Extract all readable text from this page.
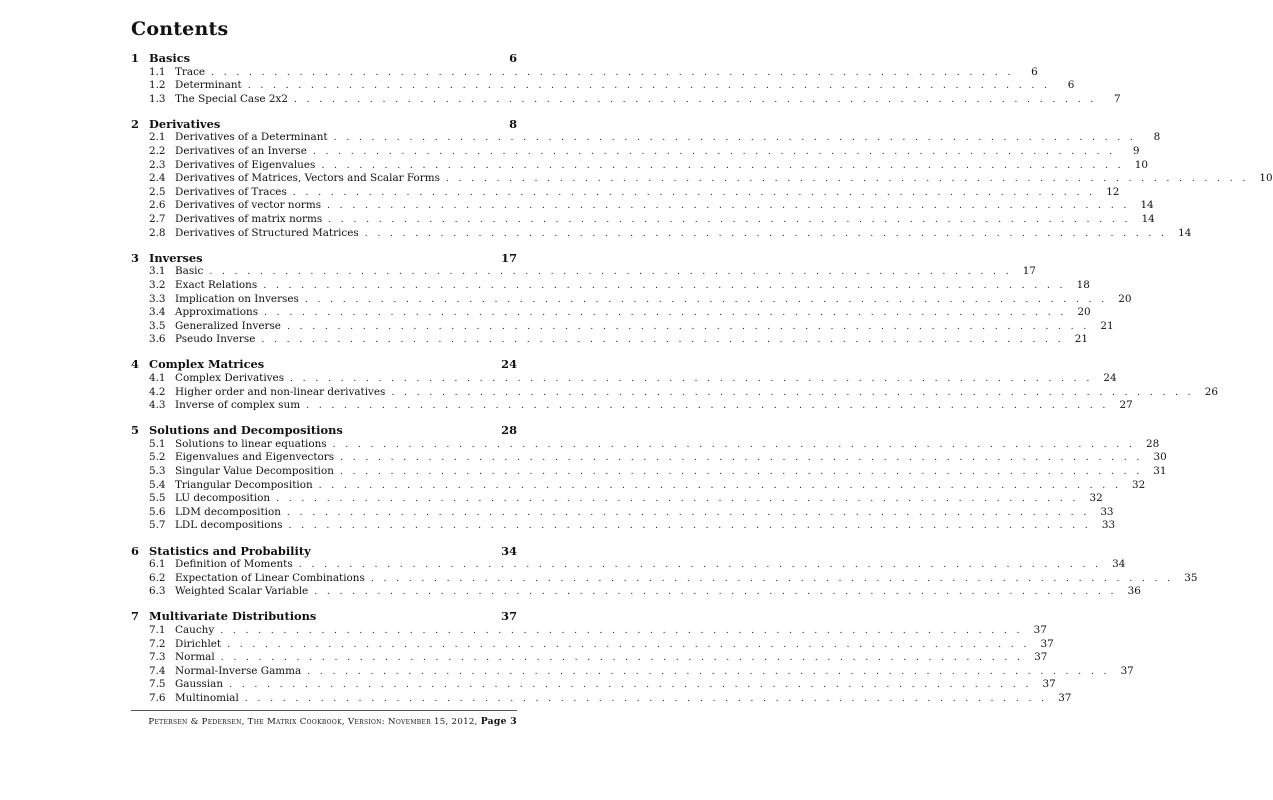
Contents
1 Basics	6
1.1 Trace . . . . . . . . . . . . . . . . . . . . . . . . . . . . . . . . . . . . . . . . . . . . . . . . . . . . . . . . . . . . . . . .	6
1.2 Determinant . . . . . . . . . . . . . . . . . . . . . . . . . . . . . . . . . . . . . . . . . . . . . . . . . . . . . . . . . . . . . . . .	6
1.3 The Special Case 2x2 . . . . . . . . . . . . . . . . . . . . . . . . . . . . . . . . . . . . . . . . . . . . . . . . . . . . . . . . . . . . . . . .	7
2 Derivatives	8
2.1 Derivatives of a Determinant . . . . . . . . . . . . . . . . . . . . . . . . . . . . . . . . . . . . . . . . . . . . . . . . . . . . . . . . . . . . . . . .	8
2.2 Derivatives of an Inverse . . . . . . . . . . . . . . . . . . . . . . . . . . . . . . . . . . . . . . . . . . . . . . . . . . . . . . . . . . . . . . . .	9
2.3 Derivatives of Eigenvalues . . . . . . . . . . . . . . . . . . . . . . . . . . . . . . . . . . . . . . . . . . . . . . . . . . . . . . . . . . . . . . . .	10
2.4 Derivatives of Matrices, Vectors and Scalar Forms . . . . . . . . . . . . . . . . . . . . . . . . . . . . . . . . . . . . . . . . . . . . . . . . . . . . . . . . . . . . . . . .	10
2.5 Derivatives of Traces . . . . . . . . . . . . . . . . . . . . . . . . . . . . . . . . . . . . . . . . . . . . . . . . . . . . . . . . . . . . . . . .	12
2.6 Derivatives of vector norms . . . . . . . . . . . . . . . . . . . . . . . . . . . . . . . . . . . . . . . . . . . . . . . . . . . . . . . . . . . . . . . .	14
2.7 Derivatives of matrix norms . . . . . . . . . . . . . . . . . . . . . . . . . . . . . . . . . . . . . . . . . . . . . . . . . . . . . . . . . . . . . . . .	14
2.8 Derivatives of Structured Matrices . . . . . . . . . . . . . . . . . . . . . . . . . . . . . . . . . . . . . . . . . . . . . . . . . . . . . . . . . . . . . . . .	14
3 Inverses	17
3.1 Basic . . . . . . . . . . . . . . . . . . . . . . . . . . . . . . . . . . . . . . . . . . . . . . . . . . . . . . . . . . . . . . . .	17
3.2 Exact Relations . . . . . . . . . . . . . . . . . . . . . . . . . . . . . . . . . . . . . . . . . . . . . . . . . . . . . . . . . . . . . . . .	18
3.3 Implication on Inverses . . . . . . . . . . . . . . . . . . . . . . . . . . . . . . . . . . . . . . . . . . . . . . . . . . . . . . . . . . . . . . . .	20
3.4 Approximations . . . . . . . . . . . . . . . . . . . . . . . . . . . . . . . . . . . . . . . . . . . . . . . . . . . . . . . . . . . . . . . .	20
3.5 Generalized Inverse . . . . . . . . . . . . . . . . . . . . . . . . . . . . . . . . . . . . . . . . . . . . . . . . . . . . . . . . . . . . . . . .	21
3.6 Pseudo Inverse . . . . . . . . . . . . . . . . . . . . . . . . . . . . . . . . . . . . . . . . . . . . . . . . . . . . . . . . . . . . . . . .	21
4 Complex Matrices	24
4.1 Complex Derivatives . . . . . . . . . . . . . . . . . . . . . . . . . . . . . . . . . . . . . . . . . . . . . . . . . . . . . . . . . . . . . . . .	24
4.2 Higher order and non-linear derivatives . . . . . . . . . . . . . . . . . . . . . . . . . . . . . . . . . . . . . . . . . . . . . . . . . . . . . . . . . . . . . . . .	26
4.3 Inverse of complex sum . . . . . . . . . . . . . . . . . . . . . . . . . . . . . . . . . . . . . . . . . . . . . . . . . . . . . . . . . . . . . . . .	27
5 Solutions and Decompositions	28
5.1 Solutions to linear equations . . . . . . . . . . . . . . . . . . . . . . . . . . . . . . . . . . . . . . . . . . . . . . . . . . . . . . . . . . . . . . . .	28
5.2 Eigenvalues and Eigenvectors . . . . . . . . . . . . . . . . . . . . . . . . . . . . . . . . . . . . . . . . . . . . . . . . . . . . . . . . . . . . . . . .	30
5.3 Singular Value Decomposition . . . . . . . . . . . . . . . . . . . . . . . . . . . . . . . . . . . . . . . . . . . . . . . . . . . . . . . . . . . . . . . .	31
5.4 Triangular Decomposition . . . . . . . . . . . . . . . . . . . . . . . . . . . . . . . . . . . . . . . . . . . . . . . . . . . . . . . . . . . . . . . .	32
5.5 LU decomposition . . . . . . . . . . . . . . . . . . . . . . . . . . . . . . . . . . . . . . . . . . . . . . . . . . . . . . . . . . . . . . . .	32
5.6 LDM decomposition . . . . . . . . . . . . . . . . . . . . . . . . . . . . . . . . . . . . . . . . . . . . . . . . . . . . . . . . . . . . . . . .	33
5.7 LDL decompositions . . . . . . . . . . . . . . . . . . . . . . . . . . . . . . . . . . . . . . . . . . . . . . . . . . . . . . . . . . . . . . . .	33
6 Statistics and Probability	34
6.1 Definition of Moments . . . . . . . . . . . . . . . . . . . . . . . . . . . . . . . . . . . . . . . . . . . . . . . . . . . . . . . . . . . . . . . .	34
6.2 Expectation of Linear Combinations . . . . . . . . . . . . . . . . . . . . . . . . . . . . . . . . . . . . . . . . . . . . . . . . . . . . . . . . . . . . . . . .	35
6.3 Weighted Scalar Variable . . . . . . . . . . . . . . . . . . . . . . . . . . . . . . . . . . . . . . . . . . . . . . . . . . . . . . . . . . . . . . . .	36
7 Multivariate Distributions	37
7.1 Cauchy . . . . . . . . . . . . . . . . . . . . . . . . . . . . . . . . . . . . . . . . . . . . . . . . . . . . . . . . . . . . . . . .	37
7.2 Dirichlet . . . . . . . . . . . . . . . . . . . . . . . . . . . . . . . . . . . . . . . . . . . . . . . . . . . . . . . . . . . . . . . .	37
7.3 Normal . . . . . . . . . . . . . . . . . . . . . . . . . . . . . . . . . . . . . . . . . . . . . . . . . . . . . . . . . . . . . . . .	37
7.4 Normal-Inverse Gamma . . . . . . . . . . . . . . . . . . . . . . . . . . . . . . . . . . . . . . . . . . . . . . . . . . . . . . . . . . . . . . . .	37
7.5 Gaussian . . . . . . . . . . . . . . . . . . . . . . . . . . . . . . . . . . . . . . . . . . . . . . . . . . . . . . . . . . . . . . . .	37
7.6 Multinomial . . . . . . . . . . . . . . . . . . . . . . . . . . . . . . . . . . . . . . . . . . . . . . . . . . . . . . . . . . . . . . . .	37
Petersen & Pedersen, The Matrix Cookbook, Version: November 15, 2012, Page 3
